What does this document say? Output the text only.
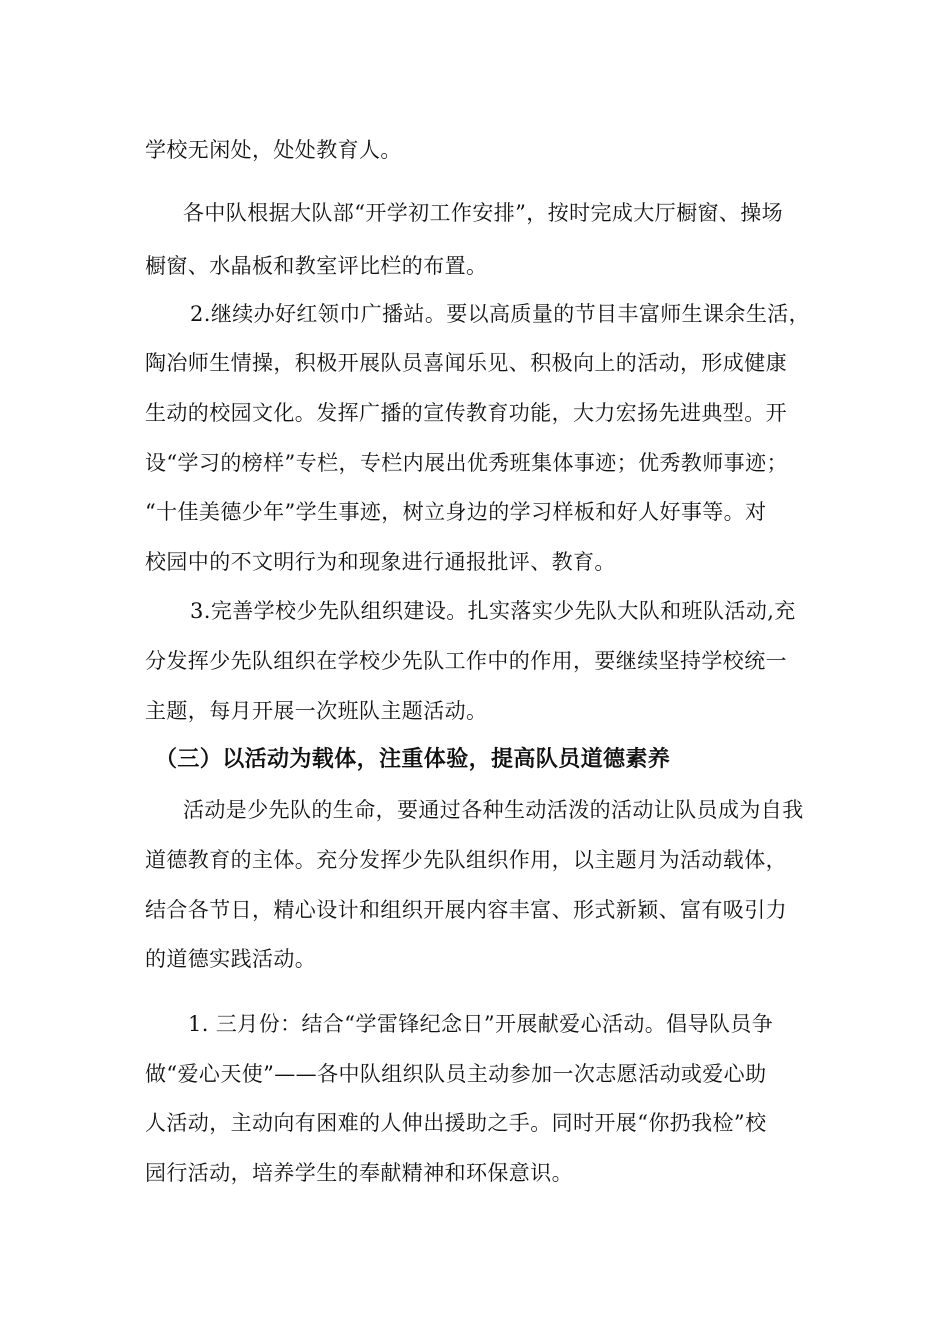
学校无闲处，处处教育人。
各中队根据大队部“开学初工作安排”，按时完成大厅橱窗、操场
橱窗、水晶板和教室评比栏的布置。
2.继续办好红领巾广播站。要以高质量的节目丰富师生课余生活，
陶冶师生情操，积极开展队员喜闻乐见、积极向上的活动，形成健康
生动的校园文化。发挥广播的宣传教育功能，大力宏扬先进典型。开
设“学习的榜样”专栏，专栏内展出优秀班集体事迹；优秀教师事迹；
“十佳美德少年”学生事迹，树立身边的学习样板和好人好事等。对
校园中的不文明行为和现象进行通报批评、教育。
3.完善学校少先队组织建设。扎实落实少先队大队和班队活动,充
分发挥少先队组织在学校少先队工作中的作用，要继续坚持学校统一
主题，每月开展一次班队主题活动。
（三）以活动为载体，注重体验，提高队员道德素养
活动是少先队的生命，要通过各种生动活泼的活动让队员成为自我
道德教育的主体。充分发挥少先队组织作用，以主题月为活动载体，
结合各节日，精心设计和组织开展内容丰富、形式新颖、富有吸引力
的道德实践活动。
1. 三月份：结合“学雷锋纪念日”开展献爱心活动。倡导队员争
做“爱心天使”——各中队组织队员主动参加一次志愿活动或爱心助
人活动，主动向有困难的人伸出援助之手。同时开展“你扔我检”校
园行活动，培养学生的奉献精神和环保意识。
